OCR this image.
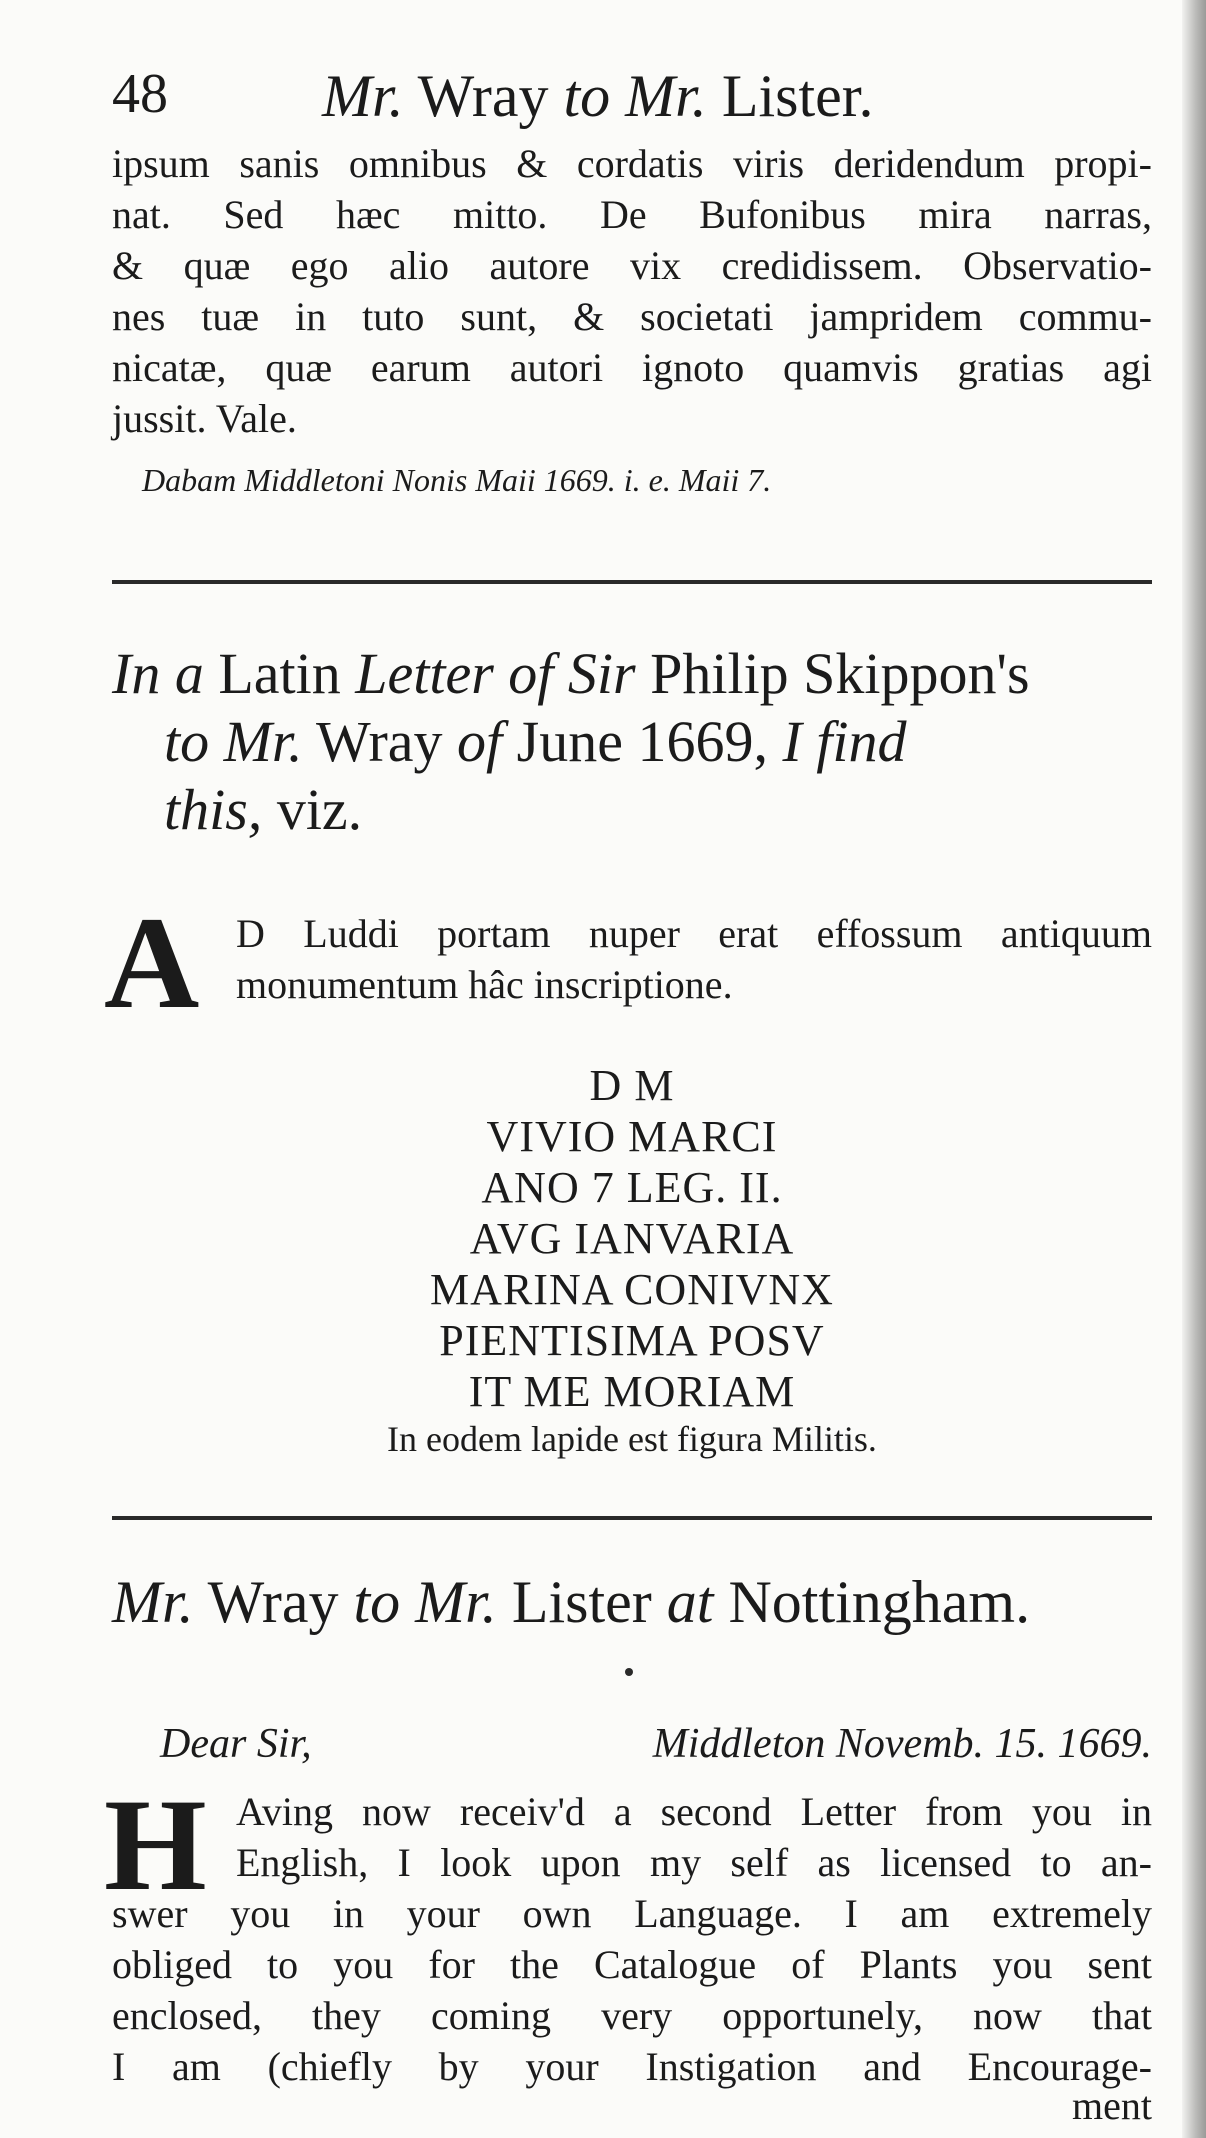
48	Mr. Wray to Mr. Lister.
ipsum sanis omnibus & cordatis viris deridendum propi-
nat. Sed hæc mitto. De Bufonibus mira narras,
& quæ ego alio autore vix credidissem. Observatio-
nes tuæ in tuto sunt, & societati jampridem commu-
nicatæ, quæ earum autori ignoto quamvis gratias agi
jussit. Vale.
Dabam Middletoni Nonis Maii 1669. i. e. Maii 7.
In a Latin Letter of Sir Philip Skippon's
to Mr. Wray of June 1669, I find
this, viz.
A D Luddi portam nuper erat effossum antiquum
monumentum hâc inscriptione.
D M
VIVIO MARCI
ANO 7 LEG. II.
AVG IANVARIA
MARINA CONIVNX
PIENTISIMA POSV
IT ME MORIAM
In eodem lapide est figura Militis.
Mr. Wray to Mr. Lister at Nottingham.
Dear Sir,	Middleton Novemb. 15. 1669.
H Aving now receiv'd a second Letter from you in
English, I look upon my self as licensed to an-
swer you in your own Language. I am extremely
obliged to you for the Catalogue of Plants you sent
enclosed, they coming very opportunely, now that
I am (chiefly by your Instigation and Encourage-
ment
